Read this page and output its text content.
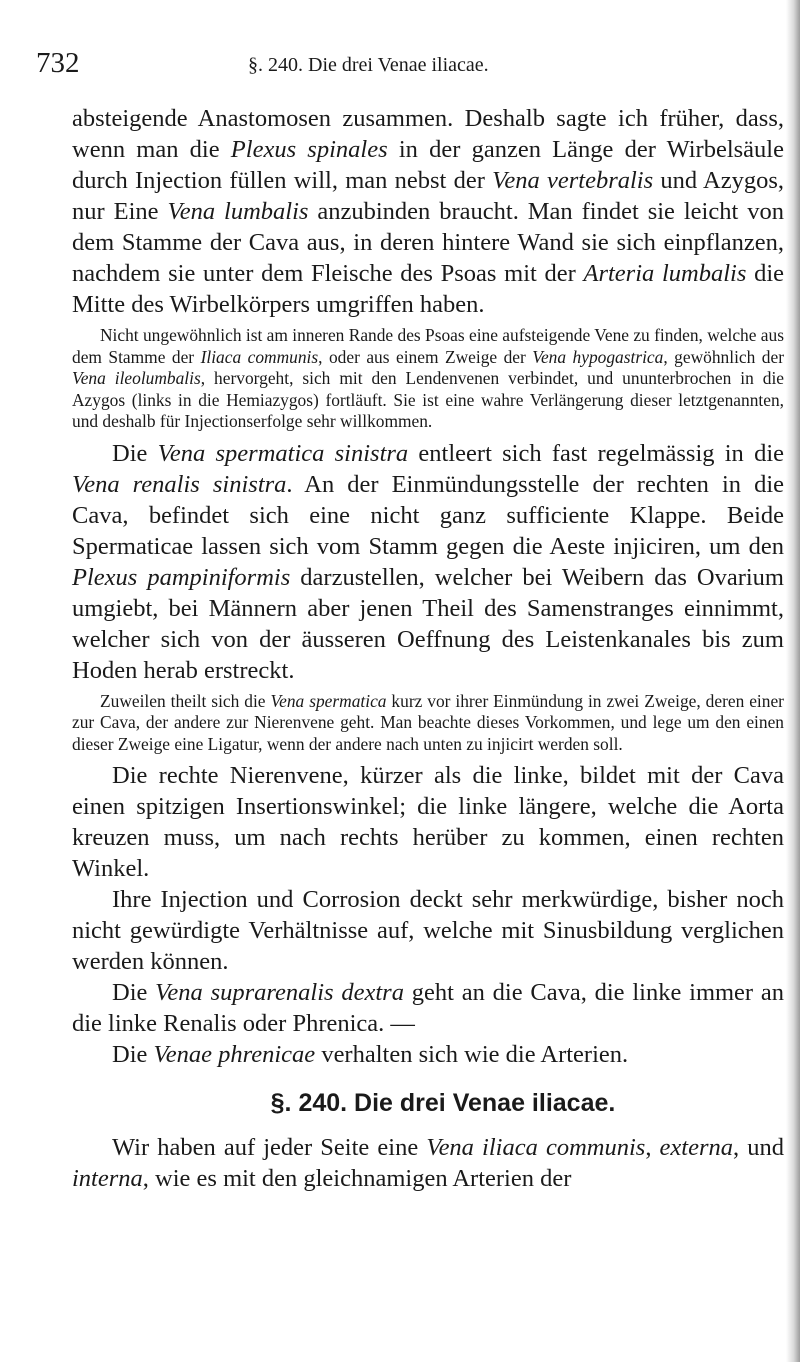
732	§. 240. Die drei Venae iliacae.

absteigende Anastomosen zusammen. Deshalb sagte ich früher, dass, wenn man die Plexus spinales in der ganzen Länge der Wirbelsäule durch Injection füllen will, man nebst der Vena vertebralis und Azygos, nur Eine Vena lumbalis anzubinden braucht. Man findet sie leicht von dem Stamme der Cava aus, in deren hintere Wand sie sich einpflanzen, nachdem sie unter dem Fleische des Psoas mit der Arteria lumbalis die Mitte des Wirbelkörpers umgriffen haben.

Nicht ungewöhnlich ist am inneren Rande des Psoas eine aufsteigende Vene zu finden, welche aus dem Stamme der Iliaca communis, oder aus einem Zweige der Vena hypogastrica, gewöhnlich der Vena ileolumbalis, hervorgeht, sich mit den Lendenvenen verbindet, und ununterbrochen in die Azygos (links in die Hemiazygos) fortläuft. Sie ist eine wahre Verlängerung dieser letztgenannten, und deshalb für Injectionserfolge sehr willkommen.

Die Vena spermatica sinistra entleert sich fast regelmässig in die Vena renalis sinistra. An der Einmündungsstelle der rechten in die Cava, befindet sich eine nicht ganz sufficiente Klappe. Beide Spermaticae lassen sich vom Stamm gegen die Aeste injiciren, um den Plexus pampiniformis darzustellen, welcher bei Weibern das Ovarium umgiebt, bei Männern aber jenen Theil des Samenstranges einnimmt, welcher sich von der äusseren Oeffnung des Leistenkanales bis zum Hoden herab erstreckt.

Zuweilen theilt sich die Vena spermatica kurz vor ihrer Einmündung in zwei Zweige, deren einer zur Cava, der andere zur Nierenvene geht. Man beachte dieses Vorkommen, und lege um den einen dieser Zweige eine Ligatur, wenn der andere nach unten zu injicirt werden soll.

Die rechte Nierenvene, kürzer als die linke, bildet mit der Cava einen spitzigen Insertionswinkel; die linke längere, welche die Aorta kreuzen muss, um nach rechts herüber zu kommen, einen rechten Winkel.

Ihre Injection und Corrosion deckt sehr merkwürdige, bisher noch nicht gewürdigte Verhältnisse auf, welche mit Sinusbildung verglichen werden können.

Die Vena suprarenalis dextra geht an die Cava, die linke immer an die linke Renalis oder Phrenica. —

Die Venae phrenicae verhalten sich wie die Arterien.

§. 240. Die drei Venae iliacae.

Wir haben auf jeder Seite eine Vena iliaca communis, externa, und interna, wie es mit den gleichnamigen Arterien der
